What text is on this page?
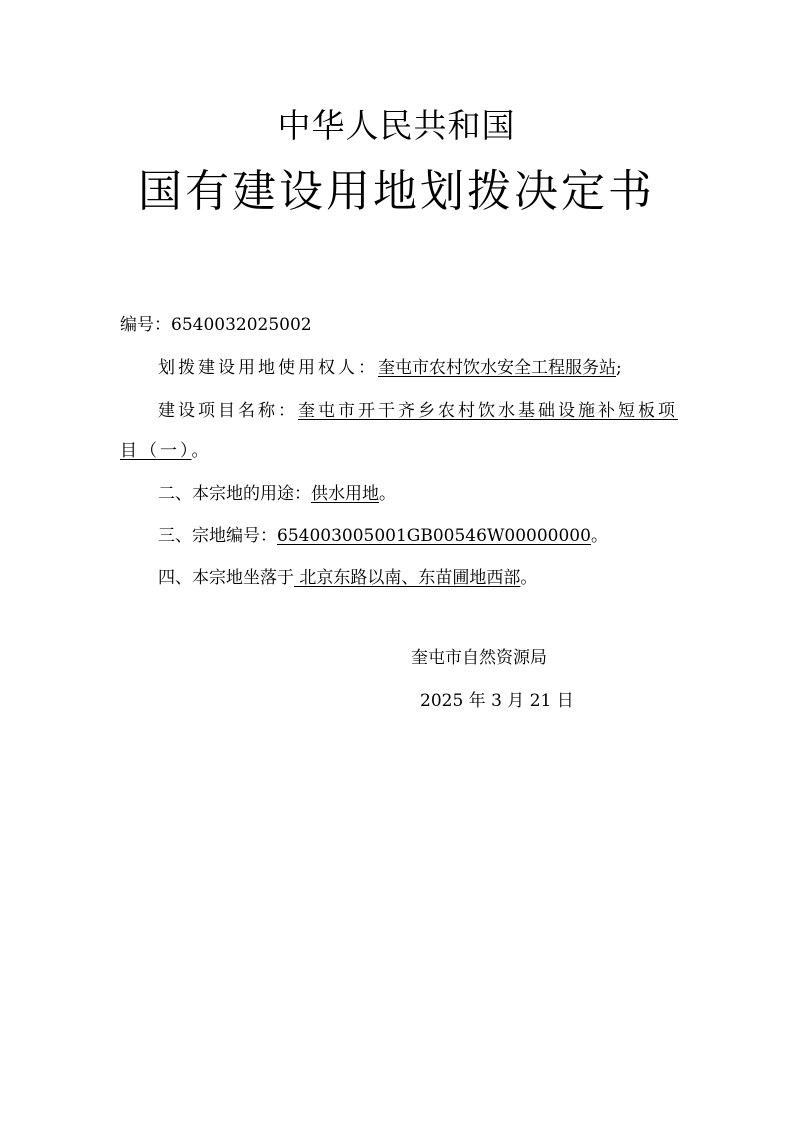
中华人民共和国
国有建设用地划拨决定书
编号：6540032025002
划拨建设用地使用权人：奎屯市农村饮水安全工程服务站;
建设项目名称：奎屯市开干齐乡农村饮水基础设施补短板项
目（一）。
二、本宗地的用途：供水用地。
三、宗地编号：654003005001GB00546W00000000。
四、本宗地坐落于 北京东路以南、东苗圃地西部。
奎屯市自然资源局
2025 年 3 月 21 日
